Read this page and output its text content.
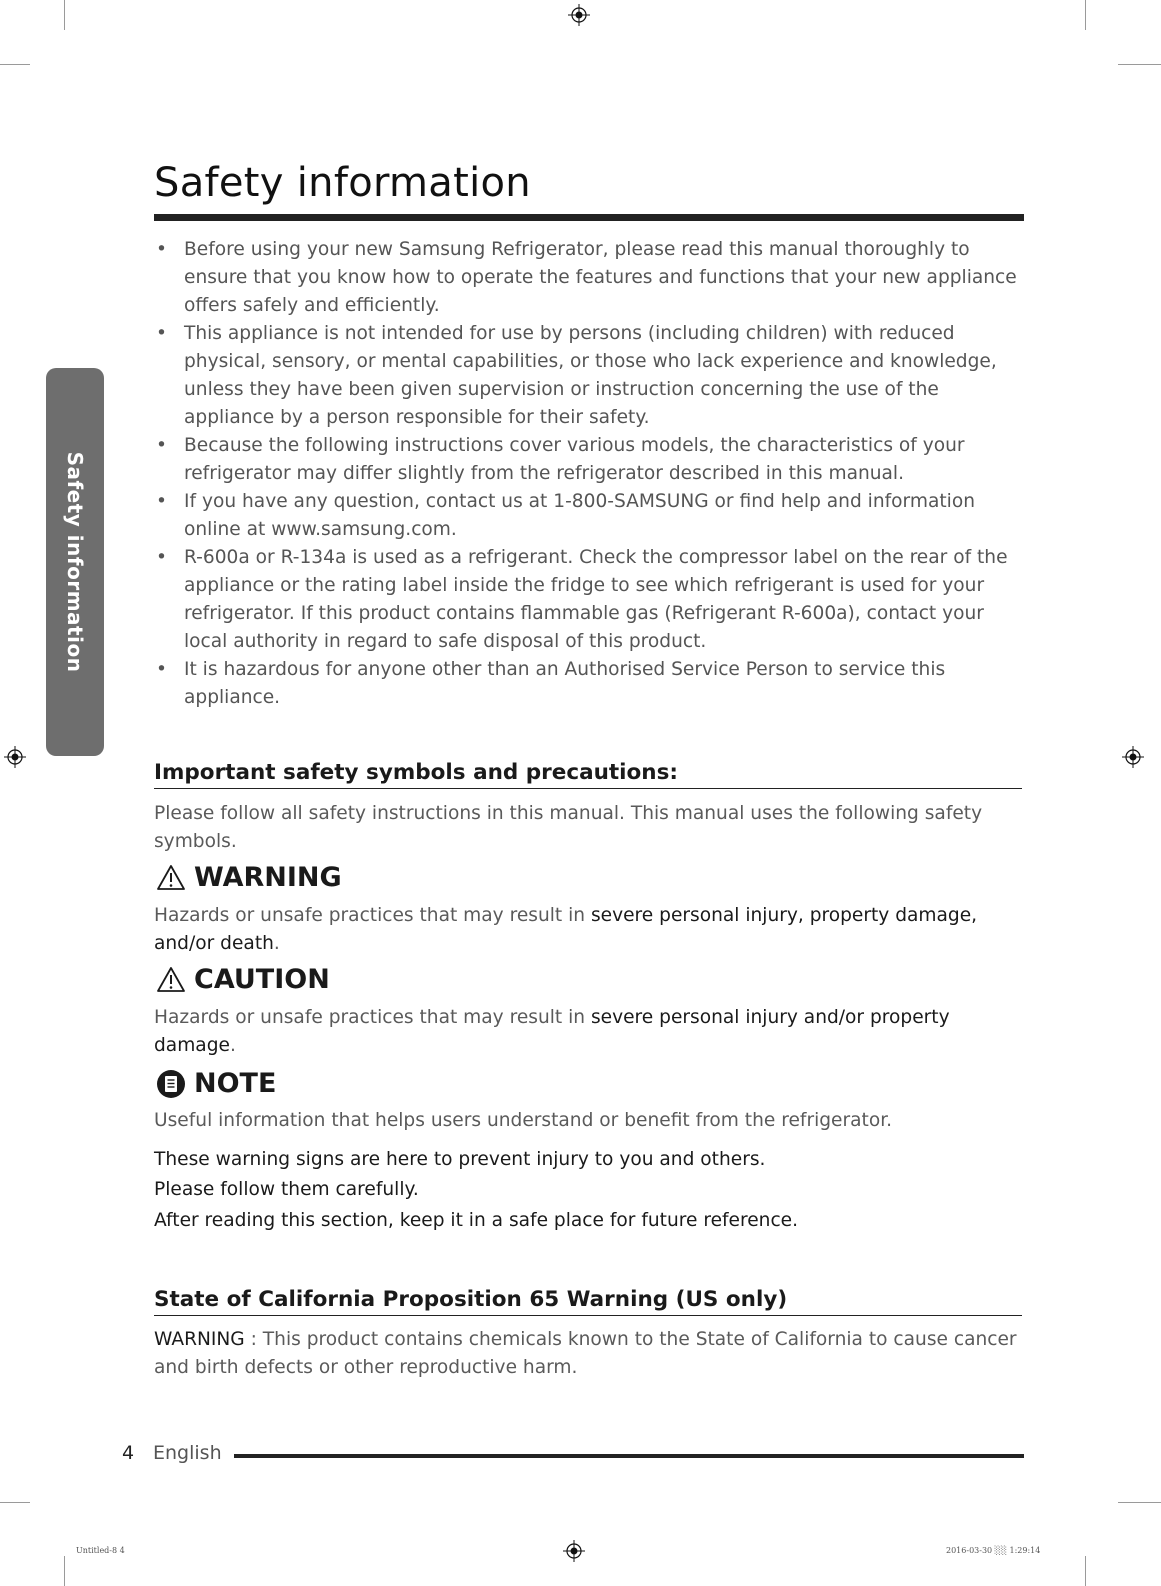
Safety information
Safety information
• Before using your new Samsung Refrigerator, please read this manual thoroughly to ensure that you know how to operate the features and functions that your new appliance offers safely and efficiently.
• This appliance is not intended for use by persons (including children) with reduced physical, sensory, or mental capabilities, or those who lack experience and knowledge, unless they have been given supervision or instruction concerning the use of the appliance by a person responsible for their safety.
• Because the following instructions cover various models, the characteristics of your refrigerator may differ slightly from the refrigerator described in this manual.
• If you have any question, contact us at 1-800-SAMSUNG or find help and information online at www.samsung.com.
• R-600a or R-134a is used as a refrigerant. Check the compressor label on the rear of the appliance or the rating label inside the fridge to see which refrigerant is used for your refrigerator. If this product contains flammable gas (Refrigerant R-600a), contact your local authority in regard to safe disposal of this product.
• It is hazardous for anyone other than an Authorised Service Person to service this appliance.
Important safety symbols and precautions:

Please follow all safety instructions in this manual. This manual uses the following safety symbols.

WARNING

Hazards or unsafe practices that may result in severe personal injury, property damage, and/or death.

CAUTION

Hazards or unsafe practices that may result in severe personal injury and/or property damage.

NOTE

Useful information that helps users understand or benefit from the refrigerator.

These warning signs are here to prevent injury to you and others.

Please follow them carefully.

After reading this section, keep it in a safe place for future reference.

State of California Proposition 65 Warning (US only)

WARNING : This product contains chemicals known to the State of California to cause cancer and birth defects or other reproductive harm.

4 English
Untitled-8 4	2016-03-30 ░░ 1:29:14
